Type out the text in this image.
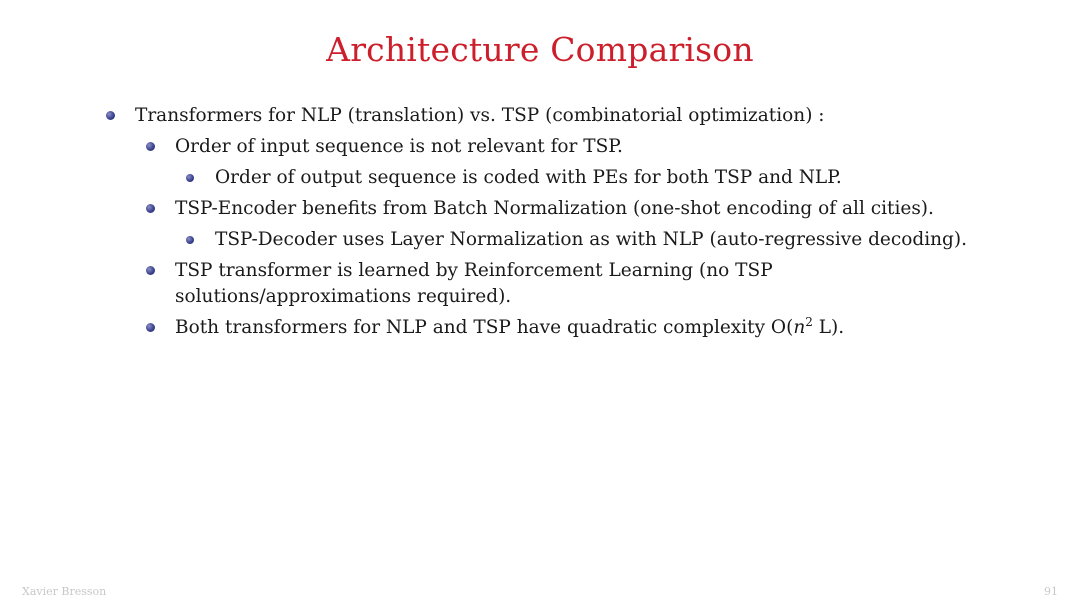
Architecture Comparison

Transformers for NLP (translation) vs. TSP (combinatorial optimization) :

Order of input sequence is not relevant for TSP.

Order of output sequence is coded with PEs for both TSP and NLP.

TSP-Encoder benefits from Batch Normalization (one-shot encoding of all cities).

TSP-Decoder uses Layer Normalization as with NLP (auto-regressive decoding).

TSP transformer is learned by Reinforcement Learning (no TSP solutions/approximations required).

Both transformers for NLP and TSP have quadratic complexity $O(n^2$ L).

Xavier Bresson	91
